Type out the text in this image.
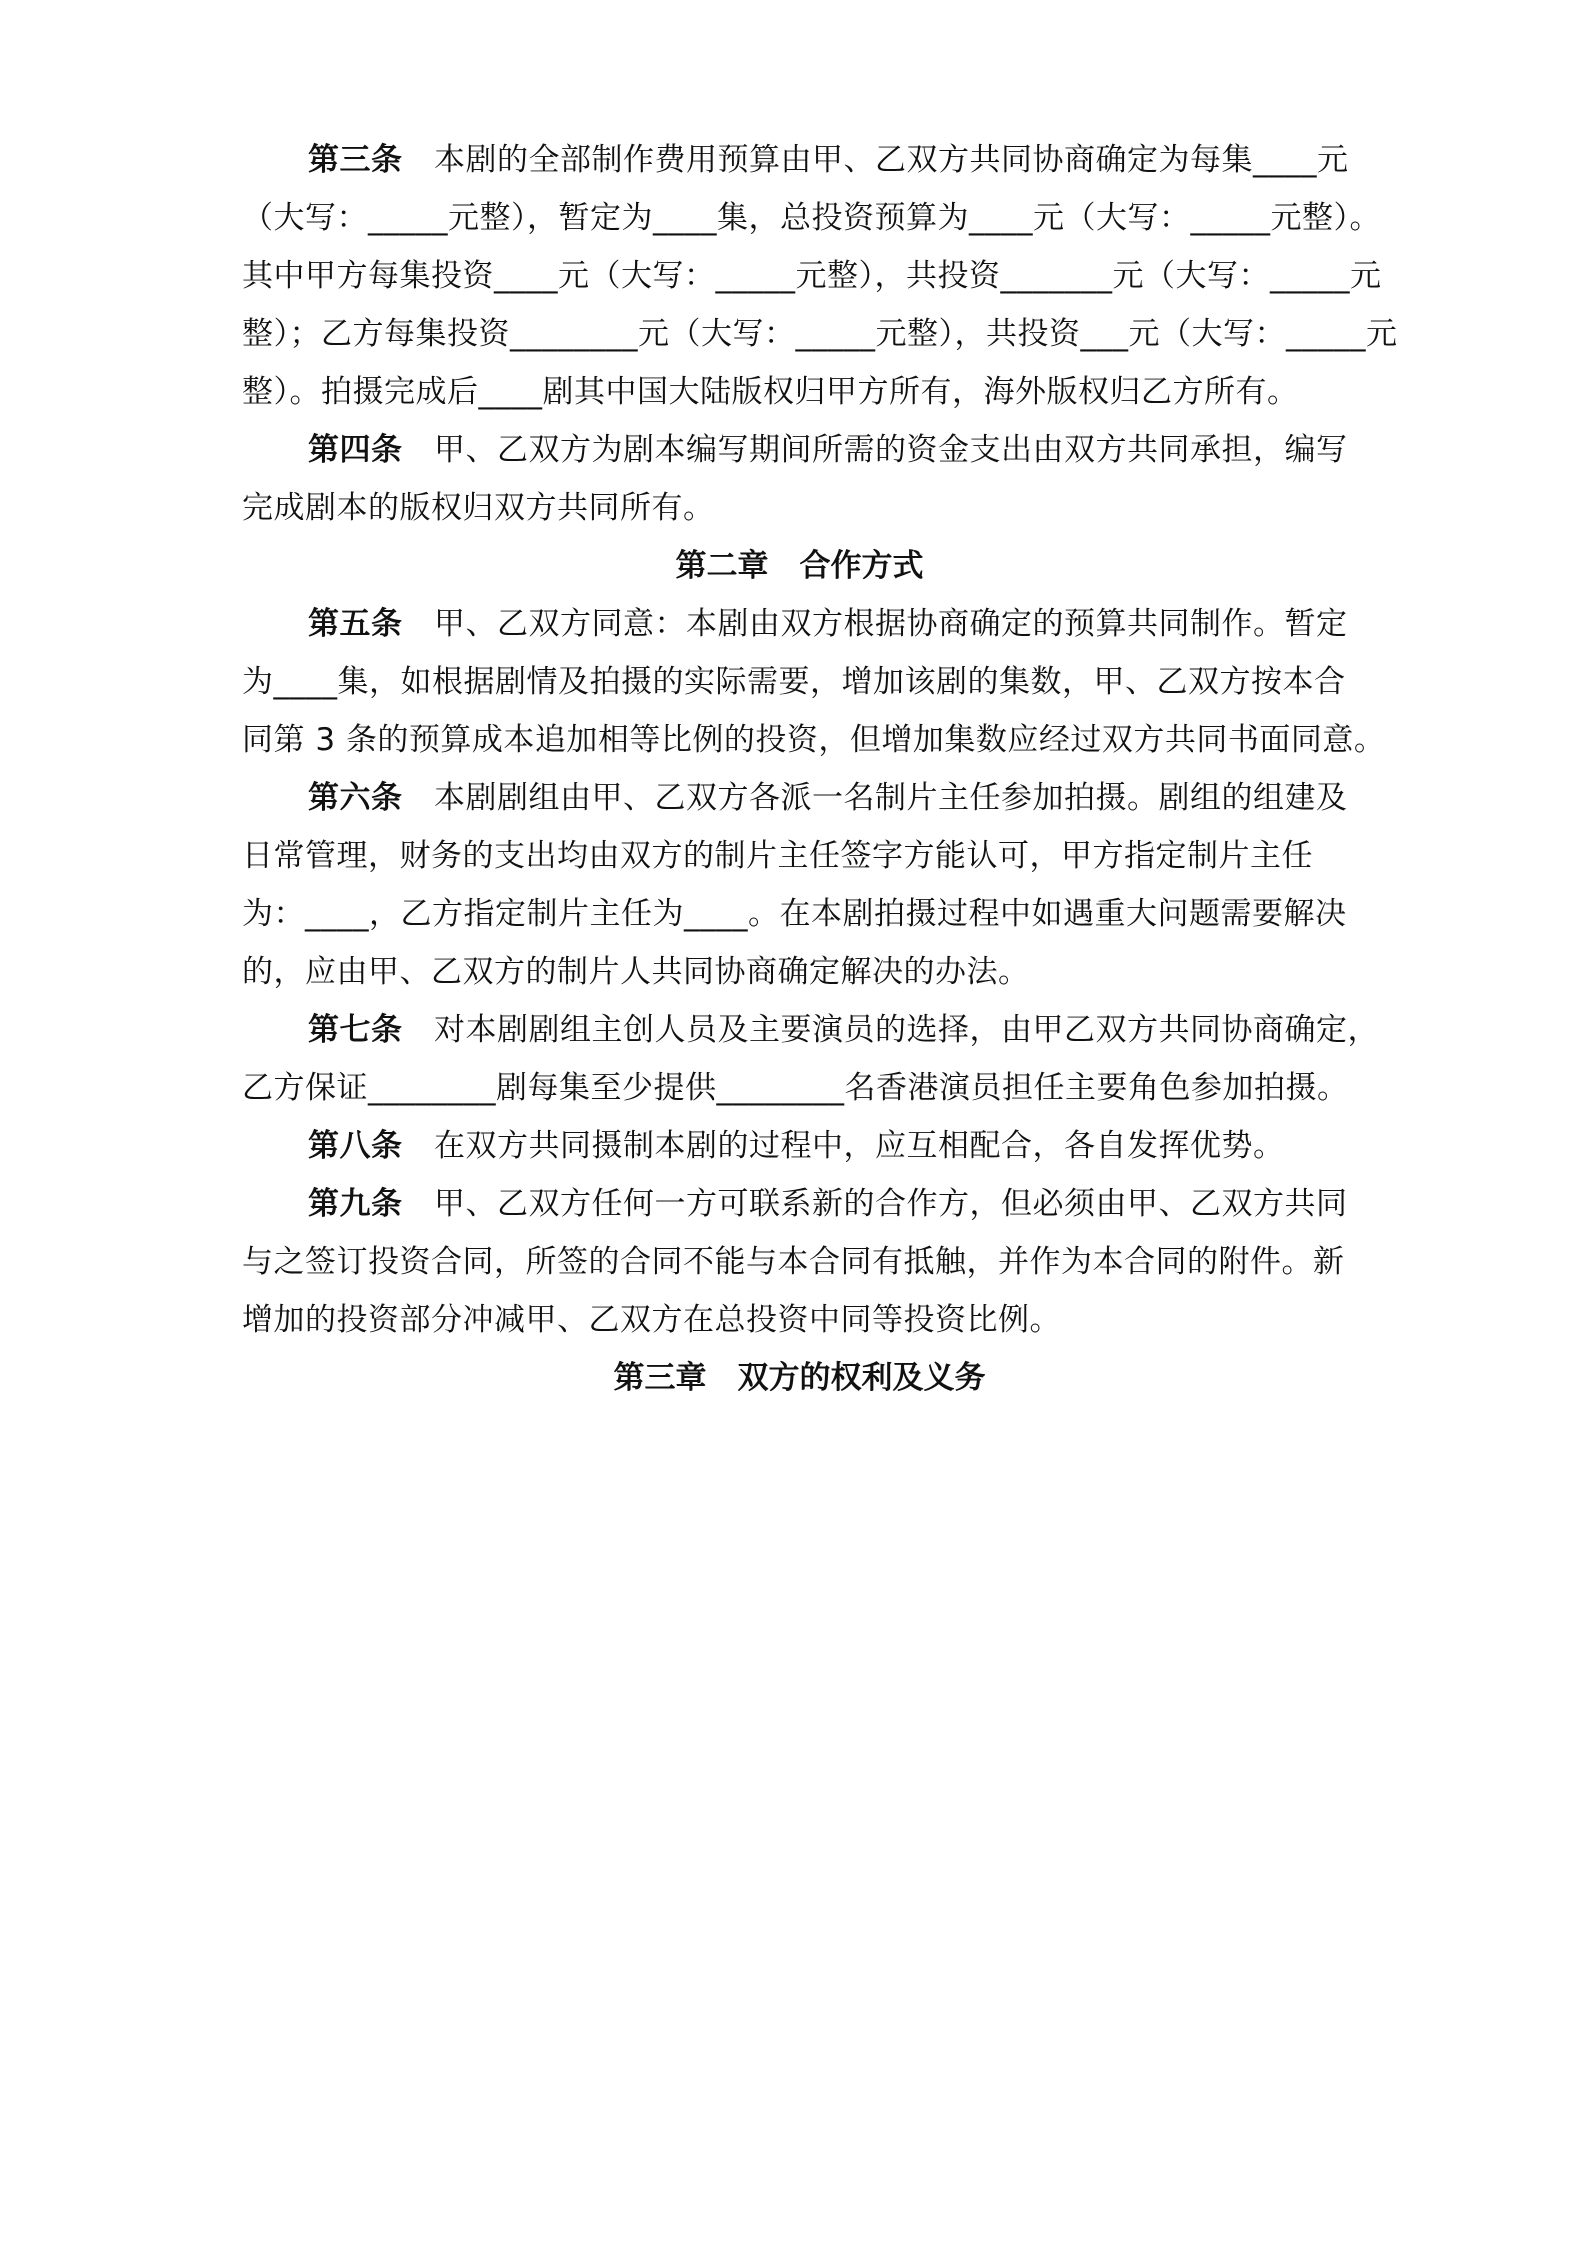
第三条　 本剧的全部制作费用预算由甲、乙双方共同协商确定为每集____元
（大写：_____元整），暂定为____集，总投资预算为____元（大写：_____元整）。
其中甲方每集投资____元（大写：_____元整），共投资_______元（大写：_____元
整）；乙方每集投资________元（大写：_____元整），共投资___元（大写：_____元
整）。拍摄完成后____剧其中国大陆版权归甲方所有，海外版权归乙方所有。
第四条　 甲、乙双方为剧本编写期间所需的资金支出由双方共同承担，编写
完成剧本的版权归双方共同所有。
第二章　合作方式
第五条　 甲、乙双方同意：本剧由双方根据协商确定的预算共同制作。暂定
为____集，如根据剧情及拍摄的实际需要，增加该剧的集数，甲、乙双方按本合
同第 3 条的预算成本追加相等比例的投资，但增加集数应经过双方共同书面同意。
第六条　 本剧剧组由甲、乙双方各派一名制片主任参加拍摄。剧组的组建及
日常管理，财务的支出均由双方的制片主任签字方能认可，甲方指定制片主任
为：____，乙方指定制片主任为____。在本剧拍摄过程中如遇重大问题需要解决
的，应由甲、乙双方的制片人共同协商确定解决的办法。
第七条　 对本剧剧组主创人员及主要演员的选择，由甲乙双方共同协商确定，
乙方保证________剧每集至少提供________名香港演员担任主要角色参加拍摄。
第八条　 在双方共同摄制本剧的过程中，应互相配合，各自发挥优势。
第九条　 甲、乙双方任何一方可联系新的合作方，但必须由甲、乙双方共同
与之签订投资合同，所签的合同不能与本合同有抵触，并作为本合同的附件。新
增加的投资部分冲减甲、乙双方在总投资中同等投资比例。
第三章　双方的权利及义务
